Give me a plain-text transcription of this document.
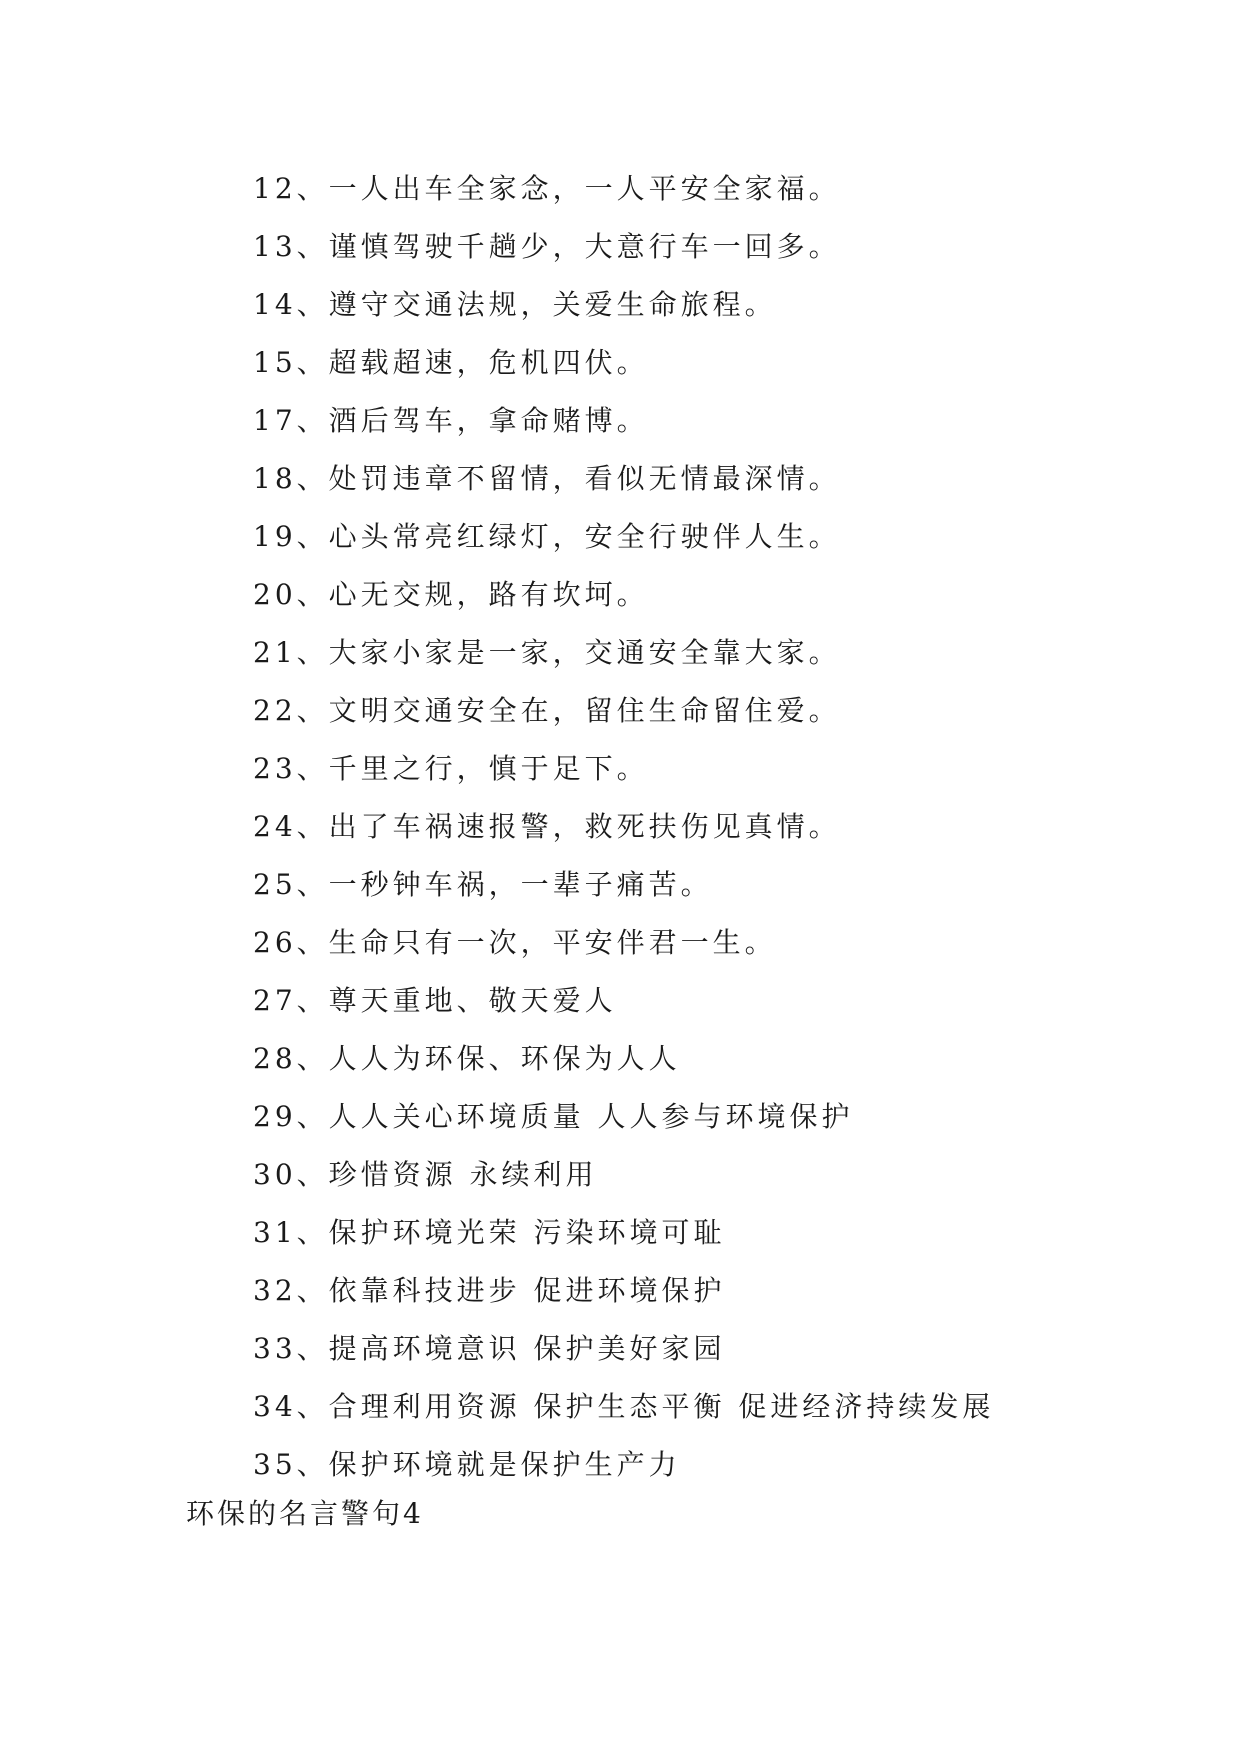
12、一人出车全家念，一人平安全家福。
13、谨慎驾驶千趟少，大意行车一回多。
14、遵守交通法规，关爱生命旅程。
15、超载超速，危机四伏。
17、酒后驾车，拿命赌博。
18、处罚违章不留情，看似无情最深情。
19、心头常亮红绿灯，安全行驶伴人生。
20、心无交规，路有坎坷。
21、大家小家是一家，交通安全靠大家。
22、文明交通安全在，留住生命留住爱。
23、千里之行，慎于足下。
24、出了车祸速报警，救死扶伤见真情。
25、一秒钟车祸，一辈子痛苦。
26、生命只有一次，平安伴君一生。
27、尊天重地、敬天爱人
28、人人为环保、环保为人人
29、人人关心环境质量 人人参与环境保护
30、珍惜资源 永续利用
31、保护环境光荣 污染环境可耻
32、依靠科技进步 促进环境保护
33、提高环境意识 保护美好家园
34、合理利用资源 保护生态平衡 促进经济持续发展
35、保护环境就是保护生产力
环保的名言警句4
